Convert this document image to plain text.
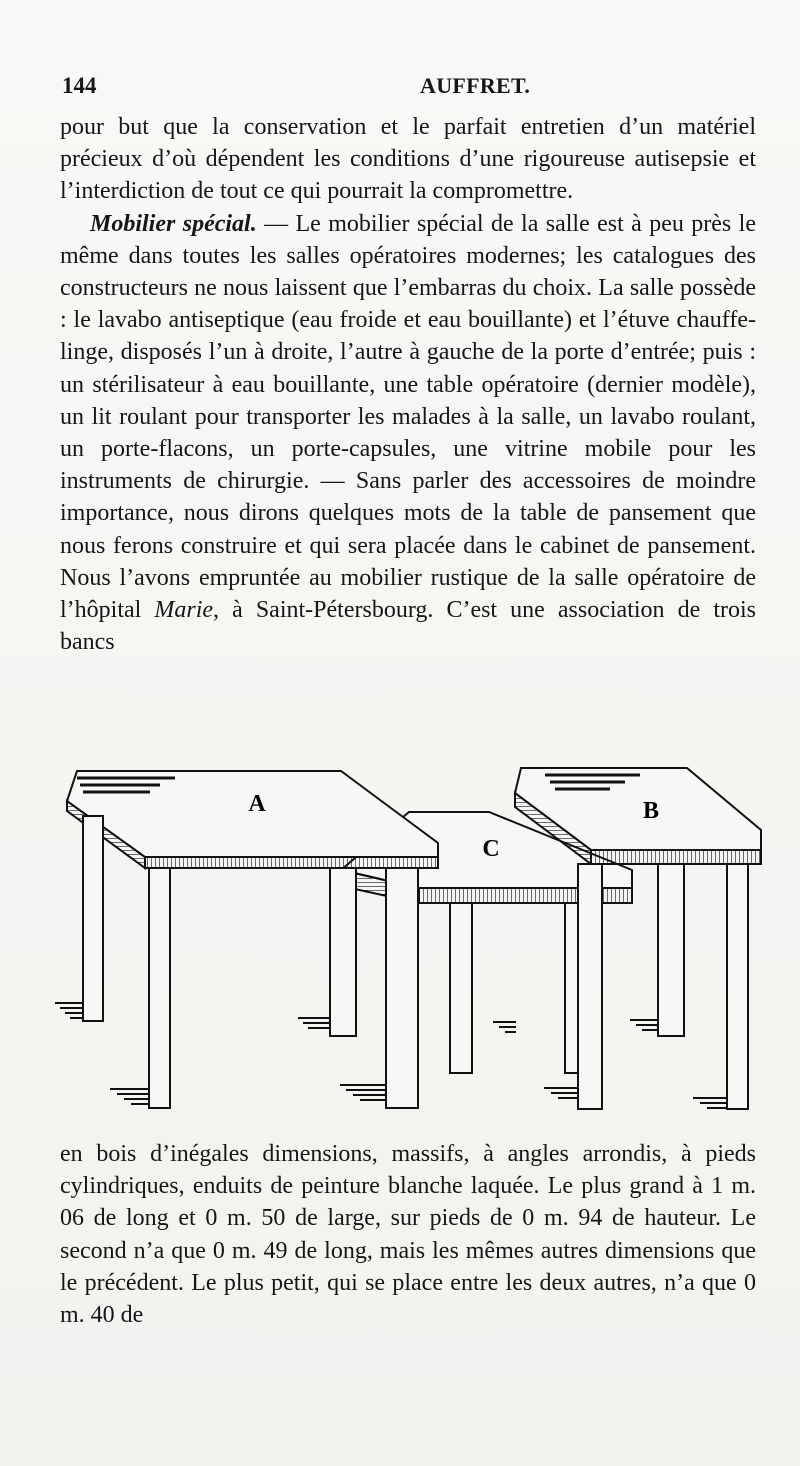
144	AUFFRET.

pour but que la conservation et le parfait entretien d’un matériel précieux d’où dépendent les conditions d’une rigoureuse autisepsie et l’interdiction de tout ce qui pourrait la compromettre.

Mobilier spécial. — Le mobilier spécial de la salle est à peu près le même dans toutes les salles opératoires modernes; les catalogues des constructeurs ne nous laissent que l’embarras du choix. La salle possède : le lavabo antiseptique (eau froide et eau bouillante) et l’étuve chauffe-linge, disposés l’un à droite, l’autre à gauche de la porte d’entrée; puis : un stérilisateur à eau bouillante, une table opératoire (dernier modèle), un lit roulant pour transporter les malades à la salle, un lavabo roulant, un porte-flacons, un porte-capsules, une vitrine mobile pour les instruments de chirurgie. — Sans parler des accessoires de moindre importance, nous dirons quelques mots de la table de pansement que nous ferons construire et qui sera placée dans le cabinet de pansement. Nous l’avons empruntée au mobilier rustique de la salle opératoire de l’hôpital Marie, à Saint-Pétersbourg. C’est une association de trois bancs

A	B
C

en bois d’inégales dimensions, massifs, à angles arrondis, à pieds cylindriques, enduits de peinture blanche laquée. Le plus grand à 1 m. 06 de long et 0 m. 50 de large, sur pieds de 0 m. 94 de hauteur. Le second n’a que 0 m. 49 de long, mais les mêmes autres dimensions que le précédent. Le plus petit, qui se place entre les deux autres, n’a que 0 m. 40 de
